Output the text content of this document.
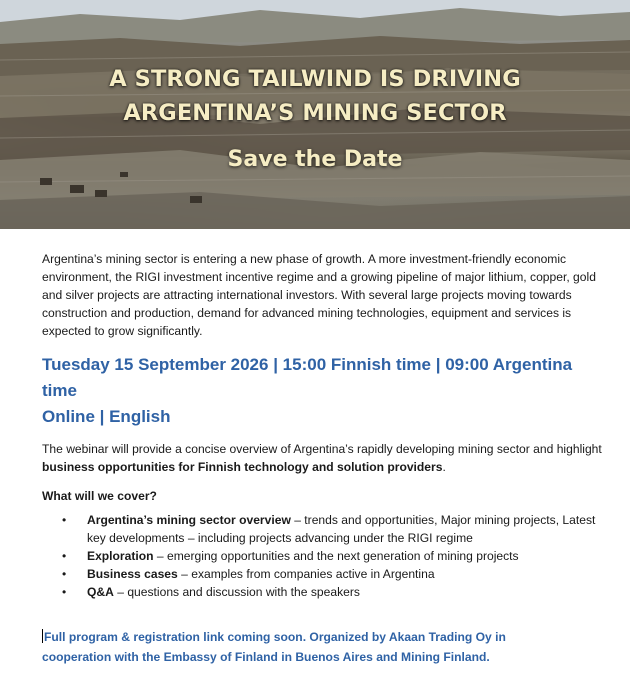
A STRONG TAILWIND IS DRIVING
ARGENTINA’S MINING SECTOR

Save the Date

Argentina’s mining sector is entering a new phase of growth. A more investment-friendly economic environment, the RIGI investment incentive regime and a growing pipeline of major lithium, copper, gold and silver projects are attracting international investors. With several large projects moving towards construction and production, demand for advanced mining technologies, equipment and services is expected to grow significantly.

Tuesday 15 September 2026 | 15:00 Finnish time | 09:00 Argentina time

Online | English

The webinar will provide a concise overview of Argentina’s rapidly developing mining sector and highlight business opportunities for Finnish technology and solution providers.

What will we cover?

• Argentina’s mining sector overview – trends and opportunities, Major mining projects, Latest key developments – including projects advancing under the RIGI regime
• Exploration – emerging opportunities and the next generation of mining projects
• Business cases – examples from companies active in Argentina
• Q&A – questions and discussion with the speakers

Full program & registration link coming soon. Organized by Akaan Trading Oy in cooperation with the Embassy of Finland in Buenos Aires and Mining Finland.
